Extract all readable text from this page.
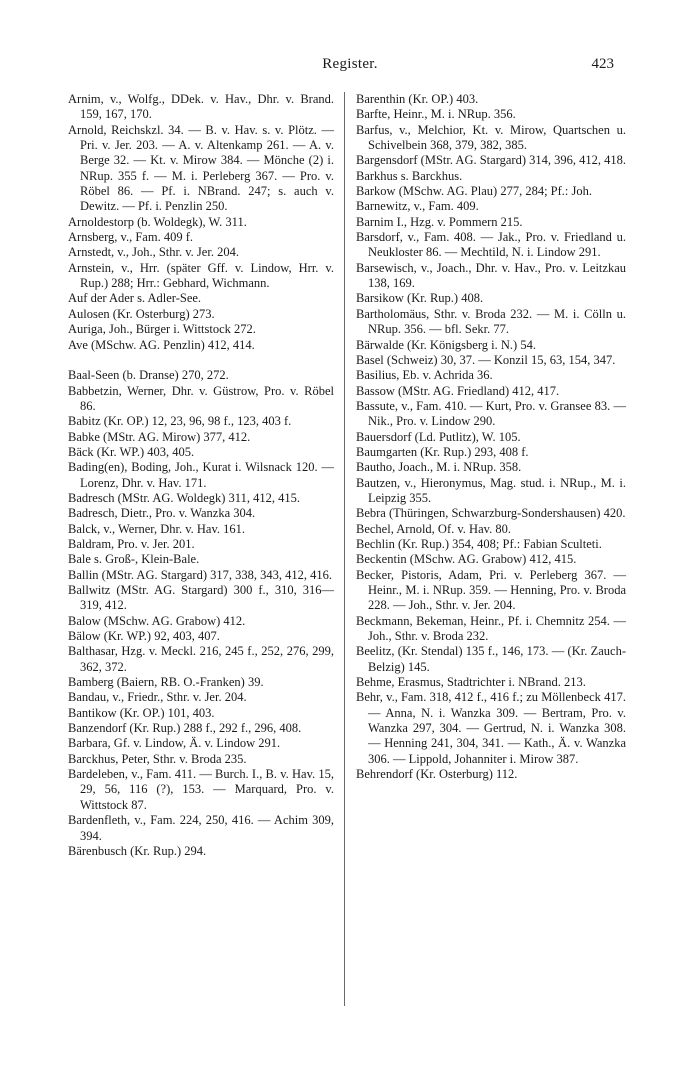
Register.	423
Arnim, v., Wolfg., DDek. v. Hav., Dhr. v. Brand. 159, 167, 170.
Arnold, Reichskzl. 34. — B. v. Hav. s. v. Plötz. — Pri. v. Jer. 203. — A. v. Altenkamp 261. — A. v. Berge 32. — Kt. v. Mirow 384. — Mönche (2) i. NRup. 355 f. — M. i. Perleberg 367. — Pro. v. Röbel 86. — Pf. i. NBrand. 247; s. auch v. Dewitz. — Pf. i. Penzlin 250.
Arnoldestorp (b. Woldegk), W. 311.
Arnsberg, v., Fam. 409 f.
Arnstedt, v., Joh., Sthr. v. Jer. 204.
Arnstein, v., Hrr. (später Gff. v. Lindow, Hrr. v. Rup.) 288; Hrr.: Gebhard, Wichmann.
Auf der Ader s. Adler-See.
Aulosen (Kr. Osterburg) 273.
Auriga, Joh., Bürger i. Wittstock 272.
Ave (MSchw. AG. Penzlin) 412, 414.
Baal-Seen (b. Dranse) 270, 272.
Babbetzin, Werner, Dhr. v. Güstrow, Pro. v. Röbel 86.
Babitz (Kr. OP.) 12, 23, 96, 98 f., 123, 403 f.
Babke (MStr. AG. Mirow) 377, 412.
Bäck (Kr. WP.) 403, 405.
Bading(en), Boding, Joh., Kurat i. Wilsnack 120. — Lorenz, Dhr. v. Hav. 171.
Badresch (MStr. AG. Woldegk) 311, 412, 415.
Badresch, Dietr., Pro. v. Wanzka 304.
Balck, v., Werner, Dhr. v. Hav. 161.
Baldram, Pro. v. Jer. 201.
Bale s. Groß-, Klein-Bale.
Ballin (MStr. AG. Stargard) 317, 338, 343, 412, 416.
Ballwitz (MStr. AG. Stargard) 300 f., 310, 316—319, 412.
Balow (MSchw. AG. Grabow) 412.
Bälow (Kr. WP.) 92, 403, 407.
Balthasar, Hzg. v. Meckl. 216, 245 f., 252, 276, 299, 362, 372.
Bamberg (Baiern, RB. O.-Franken) 39.
Bandau, v., Friedr., Sthr. v. Jer. 204.
Bantikow (Kr. OP.) 101, 403.
Banzendorf (Kr. Rup.) 288 f., 292 f., 296, 408.
Barbara, Gf. v. Lindow, Ä. v. Lindow 291.
Barckhus, Peter, Sthr. v. Broda 235.
Bardeleben, v., Fam. 411. — Burch. I., B. v. Hav. 15, 29, 56, 116 (?), 153. — Marquard, Pro. v. Wittstock 87.
Bardenfleth, v., Fam. 224, 250, 416. — Achim 309, 394.
Bärenbusch (Kr. Rup.) 294.
Barenthin (Kr. OP.) 403.
Barfte, Heinr., M. i. NRup. 356.
Barfus, v., Melchior, Kt. v. Mirow, Quartschen u. Schivelbein 368, 379, 382, 385.
Bargensdorf (MStr. AG. Stargard) 314, 396, 412, 418.
Barkhus s. Barckhus.
Barkow (MSchw. AG. Plau) 277, 284; Pf.: Joh.
Barnewitz, v., Fam. 409.
Barnim I., Hzg. v. Pommern 215.
Barsdorf, v., Fam. 408. — Jak., Pro. v. Friedland u. Neukloster 86. — Mechtild, N. i. Lindow 291.
Barsewisch, v., Joach., Dhr. v. Hav., Pro. v. Leitzkau 138, 169.
Barsikow (Kr. Rup.) 408.
Bartholomäus, Sthr. v. Broda 232. — M. i. Cölln u. NRup. 356. — bfl. Sekr. 77.
Bärwalde (Kr. Königsberg i. N.) 54.
Basel (Schweiz) 30, 37. — Konzil 15, 63, 154, 347.
Basilius, Eb. v. Achrida 36.
Bassow (MStr. AG. Friedland) 412, 417.
Bassute, v., Fam. 410. — Kurt, Pro. v. Gransee 83. — Nik., Pro. v. Lindow 290.
Bauersdorf (Ld. Putlitz), W. 105.
Baumgarten (Kr. Rup.) 293, 408 f.
Bautho, Joach., M. i. NRup. 358.
Bautzen, v., Hieronymus, Mag. stud. i. NRup., M. i. Leipzig 355.
Bebra (Thüringen, Schwarzburg-Sondershausen) 420.
Bechel, Arnold, Of. v. Hav. 80.
Bechlin (Kr. Rup.) 354, 408; Pf.: Fabian Sculteti.
Beckentin (MSchw. AG. Grabow) 412, 415.
Becker, Pistoris, Adam, Pri. v. Perleberg 367. — Heinr., M. i. NRup. 359. — Henning, Pro. v. Broda 228. — Joh., Sthr. v. Jer. 204.
Beckmann, Bekeman, Heinr., Pf. i. Chemnitz 254. — Joh., Sthr. v. Broda 232.
Beelitz, (Kr. Stendal) 135 f., 146, 173. — (Kr. Zauch-Belzig) 145.
Behme, Erasmus, Stadtrichter i. NBrand. 213.
Behr, v., Fam. 318, 412 f., 416 f.; zu Möllenbeck 417. — Anna, N. i. Wanzka 309. — Bertram, Pro. v. Wanzka 297, 304. — Gertrud, N. i. Wanzka 308. — Henning 241, 304, 341. — Kath., Ä. v. Wanzka 306. — Lippold, Johanniter i. Mirow 387.
Behrendorf (Kr. Osterburg) 112.
